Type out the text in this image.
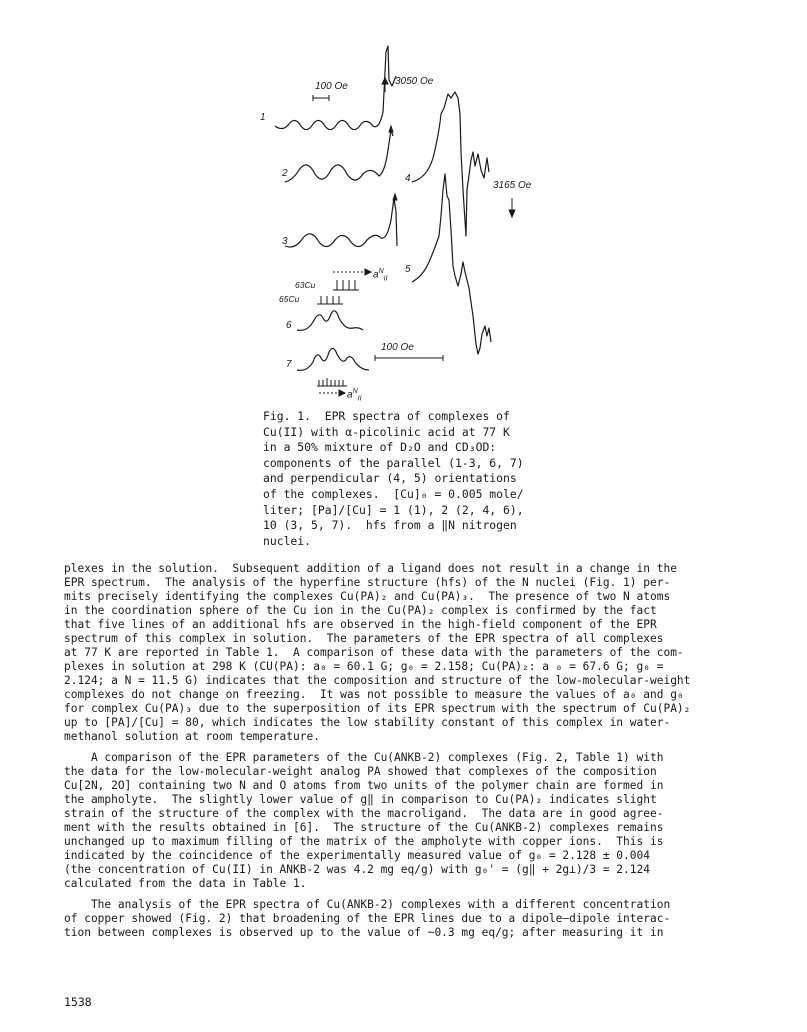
100 Oe	3050 Oe
3165 Oe
100 Oe
1
2
3
4
5
6
7
63Cu
65Cu
$a^N_{II}$
$a^N_{II}$
Fig. 1.  EPR spectra of complexes of
Cu(II) with α-picolinic acid at 77 K
in a 50% mixture of D₂O and CD₃OD:
components of the parallel (1-3, 6, 7)
and perpendicular (4, 5) orientations
of the complexes.  [Cu]₀ = 0.005 mole/
liter; [Pa]/[Cu] = 1 (1), 2 (2, 4, 6),
10 (3, 5, 7).  hfs from a ‖N nitrogen
nuclei.
plexes in the solution.  Subsequent addition of a ligand does not result in a change in the
EPR spectrum.  The analysis of the hyperfine structure (hfs) of the N nuclei (Fig. 1) per-
mits precisely identifying the complexes Cu(PA)₂ and Cu(PA)₃.  The presence of two N atoms
in the coordination sphere of the Cu ion in the Cu(PA)₂ complex is confirmed by the fact
that five lines of an additional hfs are observed in the high-field component of the EPR
spectrum of this complex in solution.  The parameters of the EPR spectra of all complexes
at 77 K are reported in Table 1.  A comparison of these data with the parameters of the com-
plexes in solution at 298 K (CU(PA): a₀ = 60.1 G; g₀ = 2.158; Cu(PA)₂: a ₀ = 67.6 G; g₀ =
2.124; a N = 11.5 G) indicates that the composition and structure of the low-molecular-weight
complexes do not change on freezing.  It was not possible to measure the values of a₀ and g₀
for complex Cu(PA)₃ due to the superposition of its EPR spectrum with the spectrum of Cu(PA)₂
up to [PA]/[Cu] = 80, which indicates the low stability constant of this complex in water-
methanol solution at room temperature.
A comparison of the EPR parameters of the Cu(ANKB-2) complexes (Fig. 2, Table 1) with
the data for the low-molecular-weight analog PA showed that complexes of the composition
Cu[2N, 2O] containing two N and O atoms from two units of the polymer chain are formed in
the ampholyte.  The slightly lower value of g‖ in comparison to Cu(PA)₂ indicates slight
strain of the structure of the complex with the macroligand.  The data are in good agree-
ment with the results obtained in [6].  The structure of the Cu(ANKB-2) complexes remains
unchanged up to maximum filling of the matrix of the ampholyte with copper ions.  This is
indicated by the coincidence of the experimentally measured value of g₀ = 2.128 ± 0.004
(the concentration of Cu(II) in ANKB-2 was 4.2 mg eq/g) with g₀' = (g‖ + 2g⊥)/3 = 2.124
calculated from the data in Table 1.
The analysis of the EPR spectra of Cu(ANKB-2) complexes with a different concentration
of copper showed (Fig. 2) that broadening of the EPR lines due to a dipole–dipole interac-
tion between complexes is observed up to the value of ~0.3 mg eq/g; after measuring it in
1538
